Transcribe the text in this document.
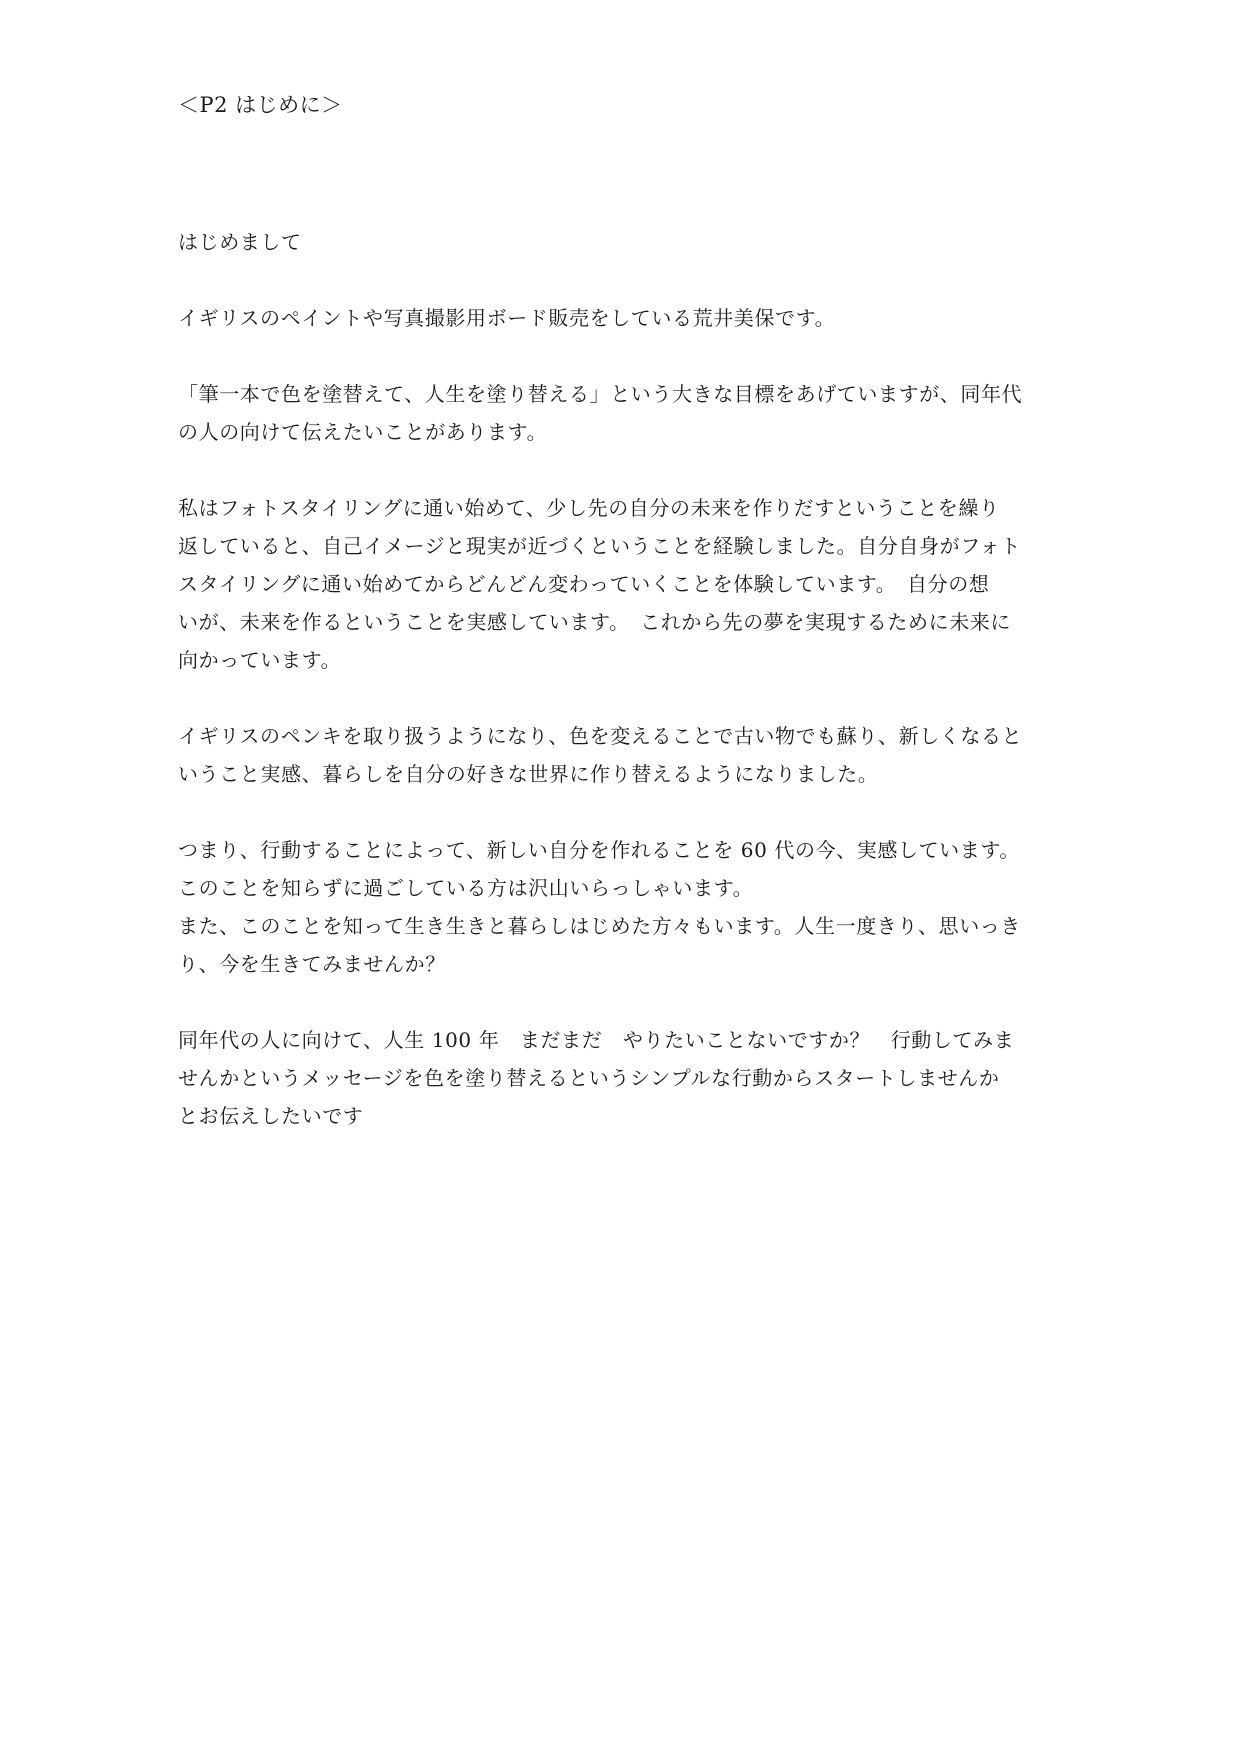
＜P2 はじめに＞
はじめまして
イギリスのペイントや写真撮影用ボード販売をしている荒井美保です。
「筆一本で色を塗替えて、人生を塗り替える」という大きな目標をあげていますが、同年代
の人の向けて伝えたいことがあります。
私はフォトスタイリングに通い始めて、少し先の自分の未来を作りだすということを繰り
返していると、自己イメージと現実が近づくということを経験しました。自分自身がフォト
スタイリングに通い始めてからどんどん変わっていくことを体験しています。　自分の想
いが、未来を作るということを実感しています。　これから先の夢を実現するために未来に
向かっています。
イギリスのペンキを取り扱うようになり、色を変えることで古い物でも蘇り、新しくなると
いうこと実感、暮らしを自分の好きな世界に作り替えるようになりました。
つまり、行動することによって、新しい自分を作れることを 60 代の今、実感しています。
このことを知らずに過ごしている方は沢山いらっしゃいます。
また、このことを知って生き生きと暮らしはじめた方々もいます。人生一度きり、思いっき
り、今を生きてみませんか？
同年代の人に向けて、人生 100 年　まだまだ　やりたいことないですか？　行動してみま
せんかというメッセージを色を塗り替えるというシンプルな行動からスタートしませんか
とお伝えしたいです
